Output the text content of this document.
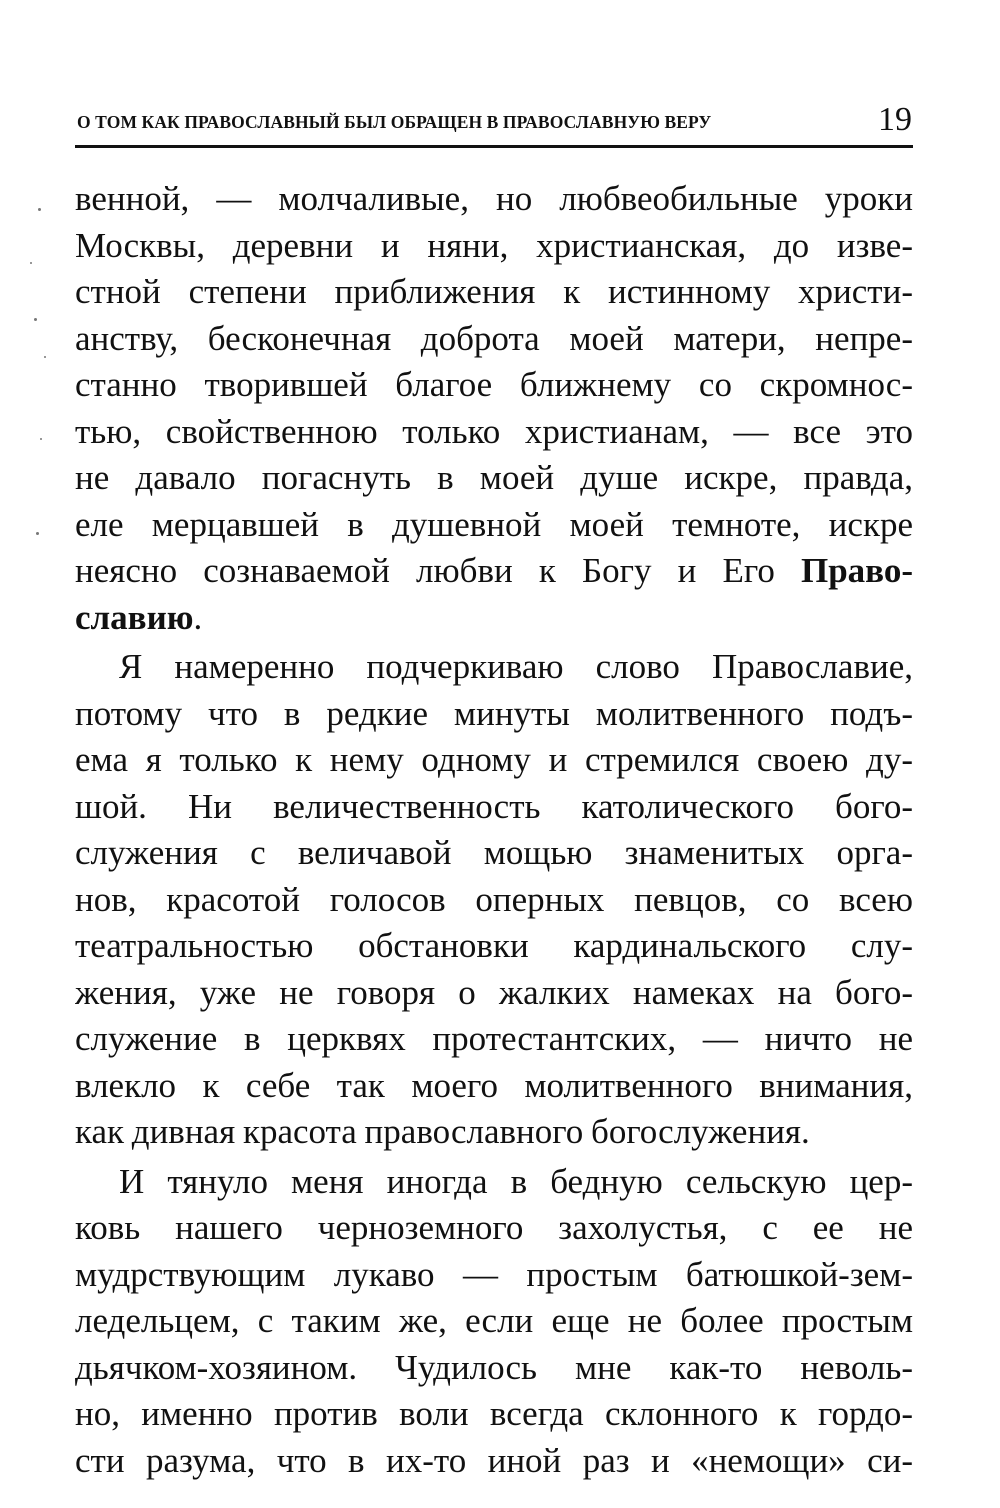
О ТОМ КАК ПРАВОСЛАВНЫЙ БЫЛ ОБРАЩЕН В ПРАВОСЛАВНУЮ ВЕРУ	19
венной, — молчаливые, но любвеобильные уроки
Москвы, деревни и няни, христианская, до изве-
стной степени приближения к истинному христи-
анству, бесконечная доброта моей матери, непре-
станно творившей благое ближнему со скромнос-
тью, свойственною только христианам, — все это
не давало погаснуть в моей душе искре, правда,
еле мерцавшей в душевной моей темноте, искре
неясно сознаваемой любви к Богу и Его Право-
славию.
Я намеренно подчеркиваю слово Православие,
потому что в редкие минуты молитвенного подъ-
ема я только к нему одному и стремился своею ду-
шой. Ни величественность католического бого-
служения с величавой мощью знаменитых орга-
нов, красотой голосов оперных певцов, со всею
театральностью обстановки кардинальского слу-
жения, уже не говоря о жалких намеках на бого-
служение в церквях протестантских, — ничто не
влекло к себе так моего молитвенного внимания,
как дивная красота православного богослужения.
И тянуло меня иногда в бедную сельскую цер-
ковь нашего черноземного захолустья, с ее не
мудрствующим лукаво — простым батюшкой-зем-
ледельцем, с таким же, если еще не более простым
дьячком-хозяином. Чудилось мне как-то неволь-
но, именно против воли всегда склонного к гордо-
сти разума, что в их-то иной раз и «немощи» си-
